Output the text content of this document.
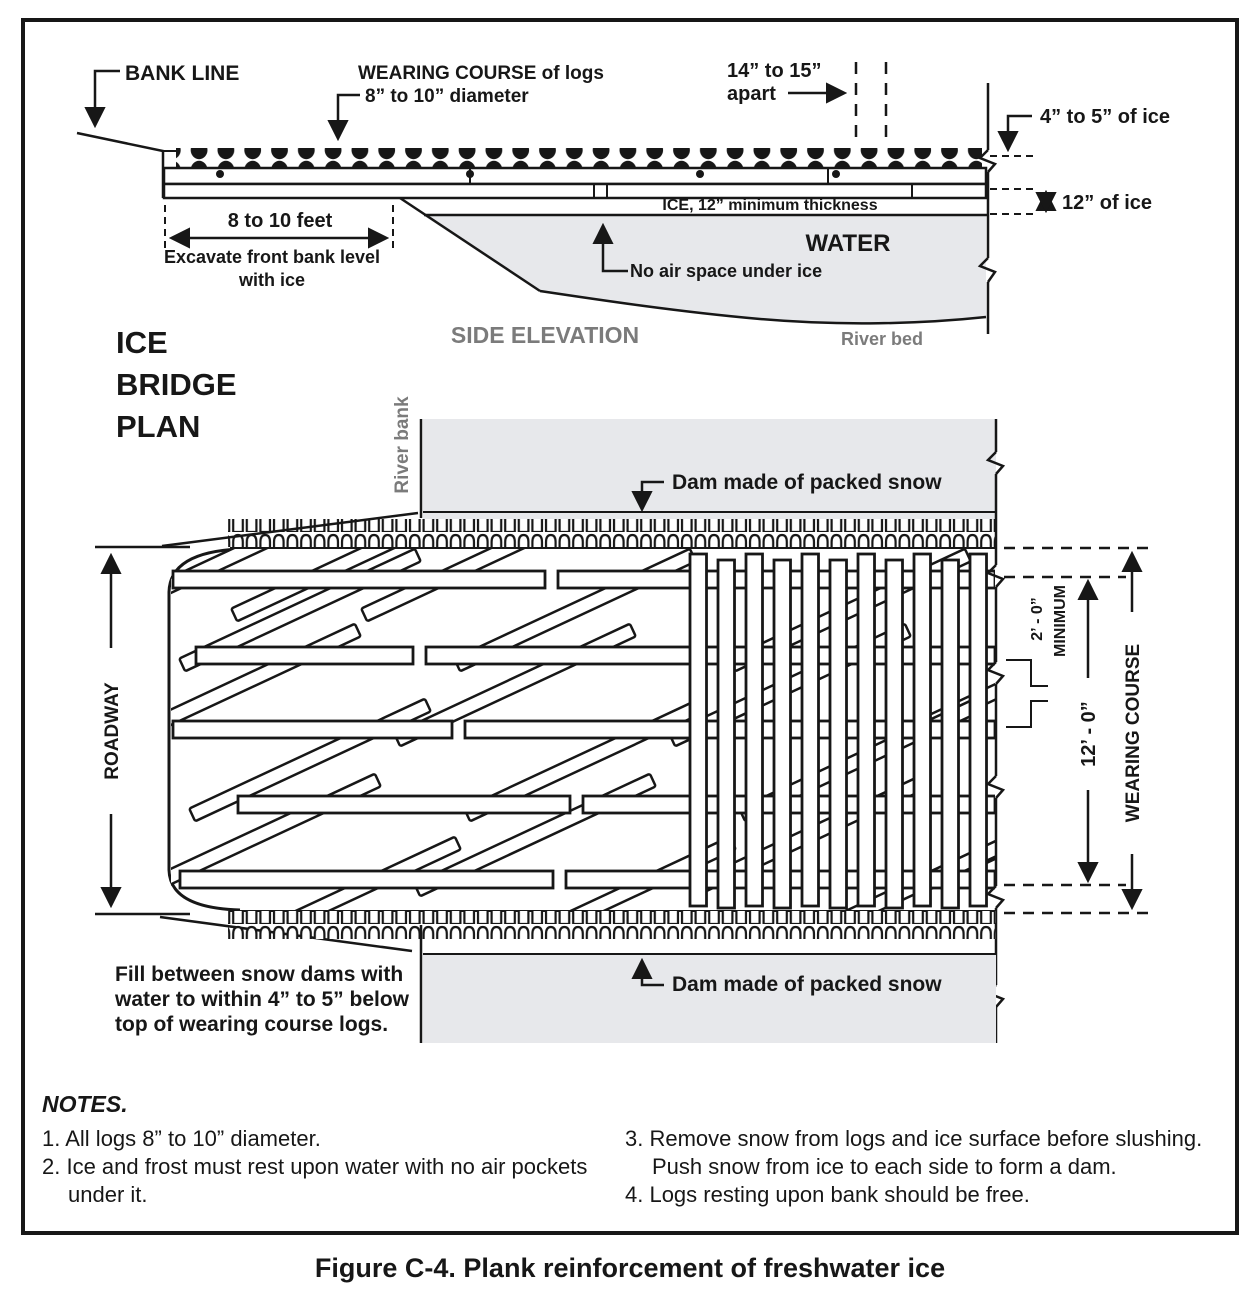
BANK LINE	WEARING COURSE of logs
8” to 10” diameter
14” to 15”
apart
ICE, 12” minimum thickness
WATER
No air space under ice
8 to 10 feet
Excavate front bank level
with ice
4” to 5” of ice
12” of ice
SIDE ELEVATION	River bed
ICE
BRIDGE
PLAN	River bank	Dam made of packed snow
ROADWAY
2’ - 0” MINIMUM
12’ - 0” WEARING COURSE
Dam made of packed snow
Fill between snow dams with
water to within 4” to 5” below
top of wearing course logs.
NOTES.
1. All logs 8” to 10” diameter.
2. Ice and frost must rest upon water with no air pockets
under it.
3. Remove snow from logs and ice surface before slushing.
Push snow from ice to each side to form a dam.
4. Logs resting upon bank should be free.
Figure C-4. Plank reinforcement of freshwater ice
